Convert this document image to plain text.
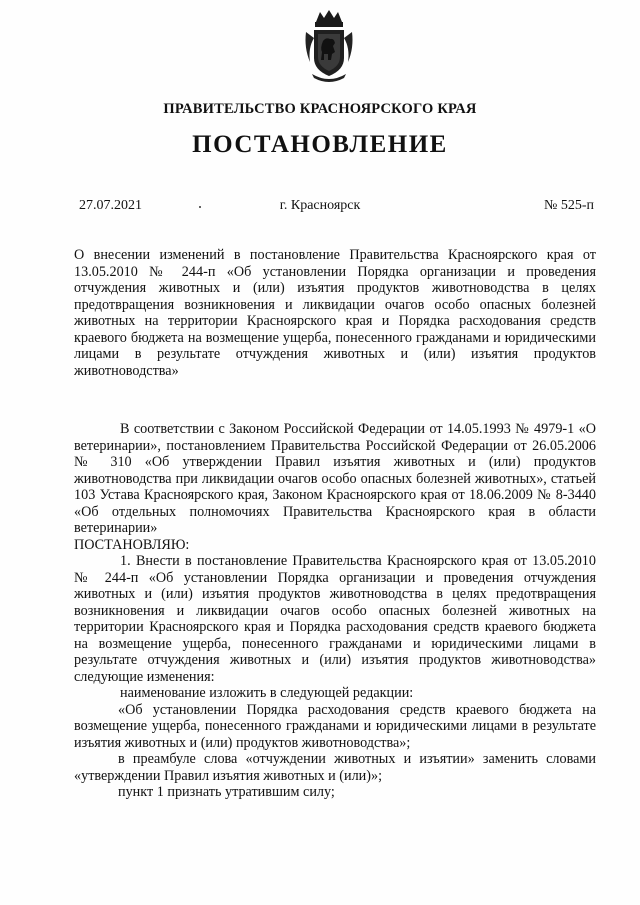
ПРАВИТЕЛЬСТВО КРАСНОЯРСКОГО КРАЯ
ПОСТАНОВЛЕНИЕ
27.07.2021	г. Красноярск	№ 525-п

О внесении изменений в постановление Правительства Красноярского края от 13.05.2010 № 244-п «Об установлении Порядка организации и проведения отчуждения животных и (или) изъятия продуктов животноводства в целях предотвращения возникновения и ликвидации очагов особо опасных болезней животных на территории Красноярского края и Порядка расходования средств краевого бюджета на возмещение ущерба, понесенного гражданами и юридическими лицами в результате отчуждения животных и (или) изъятия продуктов животноводства»

В соответствии с Законом Российской Федерации от 14.05.1993 № 4979-1 «О ветеринарии», постановлением Правительства Российской Федерации от 26.05.2006 № 310 «Об утверждении Правил изъятия животных и (или) продуктов животноводства при ликвидации очагов особо опасных болезней животных», статьей 103 Устава Красноярского края, Законом Красноярского края от 18.06.2009 № 8-3440 «Об отдельных полномочиях Правительства Красноярского края в области ветеринарии»

ПОСТАНОВЛЯЮ:

1. Внести в постановление Правительства Красноярского края от 13.05.2010 № 244-п «Об установлении Порядка организации и проведения отчуждения животных и (или) изъятия продуктов животноводства в целях предотвращения возникновения и ликвидации очагов особо опасных болезней животных на территории Красноярского края и Порядка расходования средств краевого бюджета на возмещение ущерба, понесенного гражданами и юридическими лицами в результате отчуждения животных и (или) изъятия продуктов животноводства» следующие изменения:

наименование изложить в следующей редакции:

«Об установлении Порядка расходования средств краевого бюджета на возмещение ущерба, понесенного гражданами и юридическими лицами в результате изъятия животных и (или) продуктов животноводства»;

в преамбуле слова «отчуждении животных и изъятии» заменить словами «утверждении Правил изъятия животных и (или)»;

пункт 1 признать утратившим силу;
